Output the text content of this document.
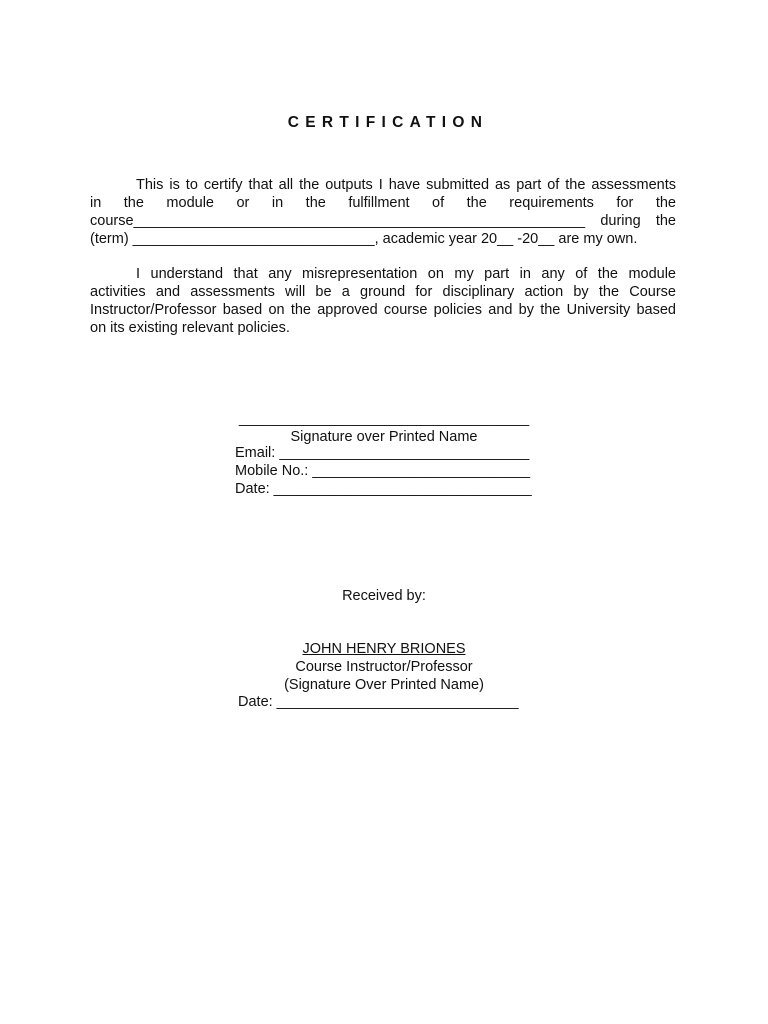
CERTIFICATION
This is to certify that all the outputs I have submitted as part of the assessments
in the module or in the fulfillment of the requirements for the
course________________________________________________________ during the
(term) ______________________________, academic year 20__ -20__ are my own.
I understand that any misrepresentation on my part in any of the module
activities and assessments will be a ground for disciplinary action by the Course
Instructor/Professor based on the approved course policies and by the University based
on its existing relevant policies.
____________________________________
Signature over Printed Name
Email: _______________________________
Mobile No.: ___________________________
Date: ________________________________
Received by:
JOHN HENRY BRIONES
Course Instructor/Professor
(Signature Over Printed Name)
Date: ______________________________
